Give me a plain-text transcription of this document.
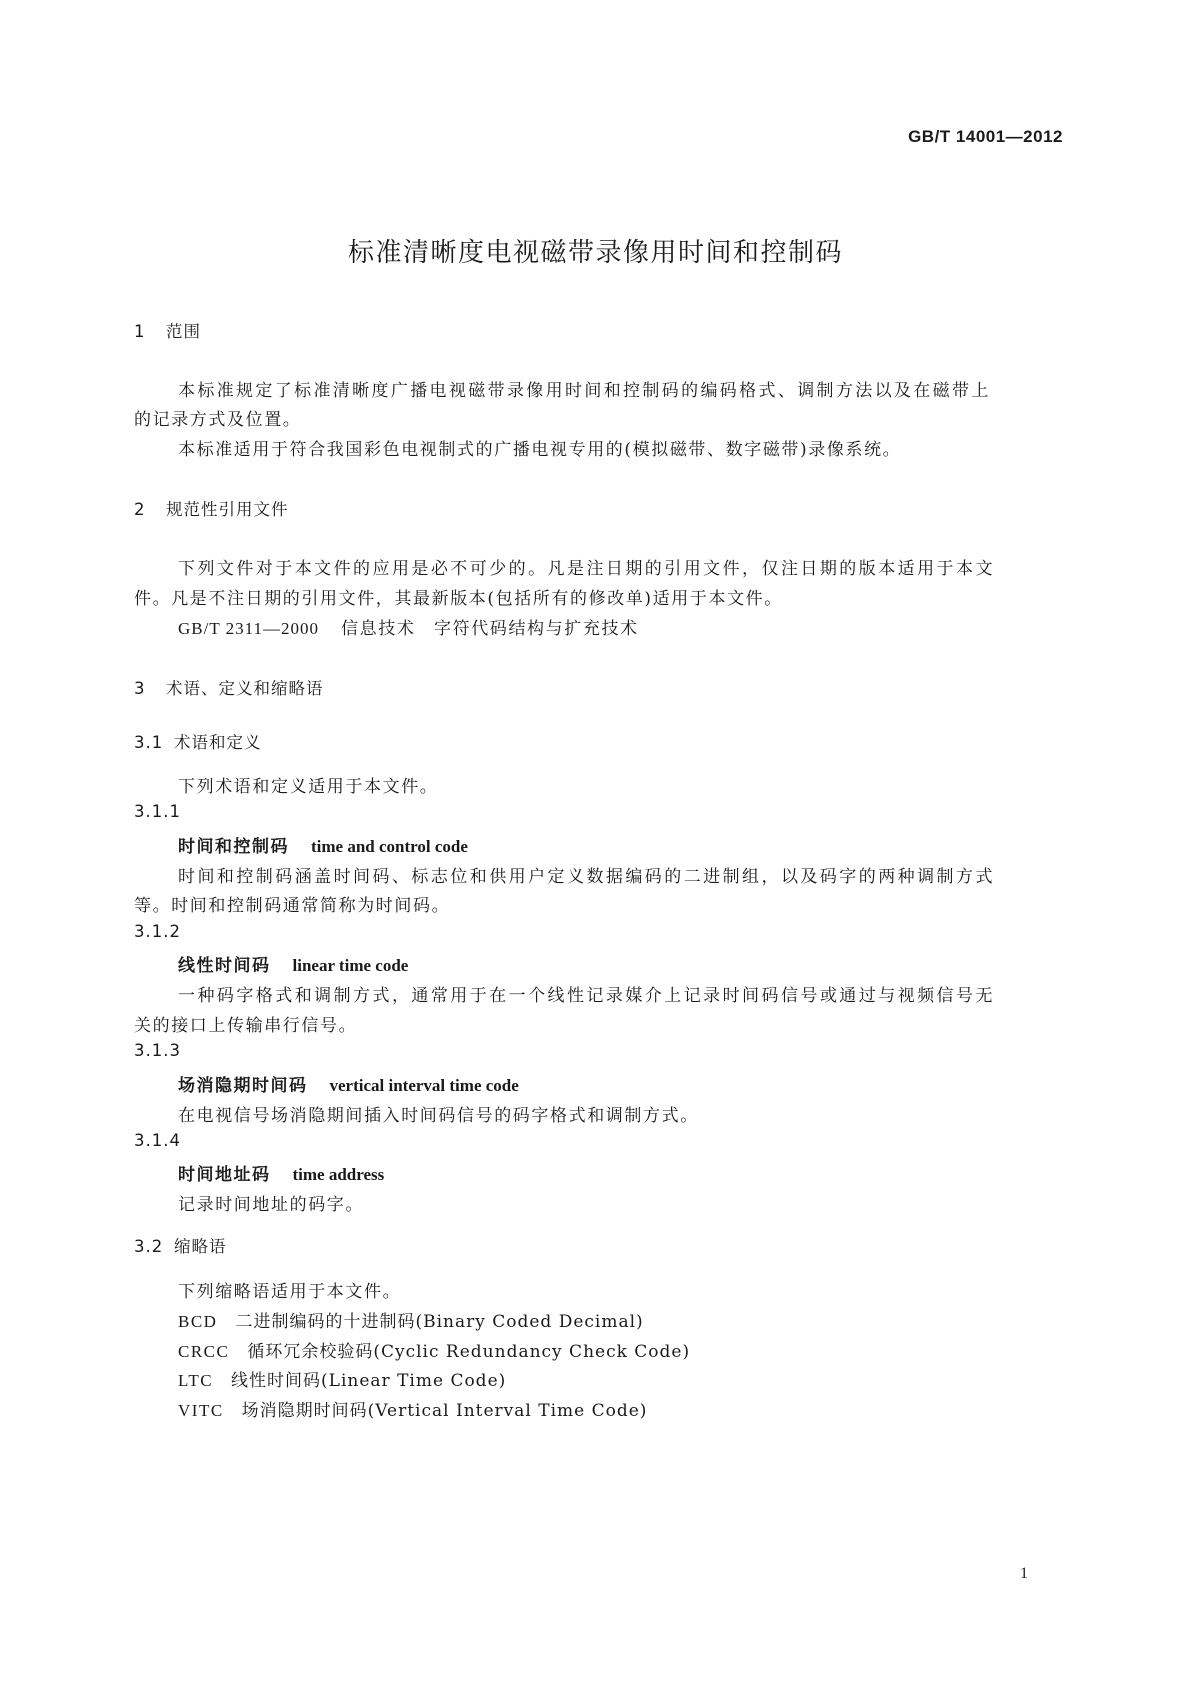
GB/T 14001—2012
标准清晰度电视磁带录像用时间和控制码
1 范围
本标准规定了标准清晰度广播电视磁带录像用时间和控制码的编码格式、调制方法以及在磁带上
的记录方式及位置。
本标准适用于符合我国彩色电视制式的广播电视专用的(模拟磁带、数字磁带)录像系统。
2 规范性引用文件
下列文件对于本文件的应用是必不可少的。凡是注日期的引用文件，仅注日期的版本适用于本文
件。凡是不注日期的引用文件，其最新版本(包括所有的修改单)适用于本文件。
GB/T 2311—2000 信息技术　字符代码结构与扩充技术
3 术语、定义和缩略语
3.1 术语和定义
下列术语和定义适用于本文件。
3.1.1
时间和控制码 time and control code
时间和控制码涵盖时间码、标志位和供用户定义数据编码的二进制组，以及码字的两种调制方式
等。时间和控制码通常简称为时间码。
3.1.2
线性时间码 linear time code
一种码字格式和调制方式，通常用于在一个线性记录媒介上记录时间码信号或通过与视频信号无
关的接口上传输串行信号。
3.1.3
场消隐期时间码 vertical interval time code
在电视信号场消隐期间插入时间码信号的码字格式和调制方式。
3.1.4
时间地址码 time address
记录时间地址的码字。
3.2 缩略语
下列缩略语适用于本文件。
BCD 二进制编码的十进制码(Binary Coded Decimal)
CRCC 循环冗余校验码(Cyclic Redundancy Check Code)
LTC 线性时间码(Linear Time Code)
VITC 场消隐期时间码(Vertical Interval Time Code)
1
